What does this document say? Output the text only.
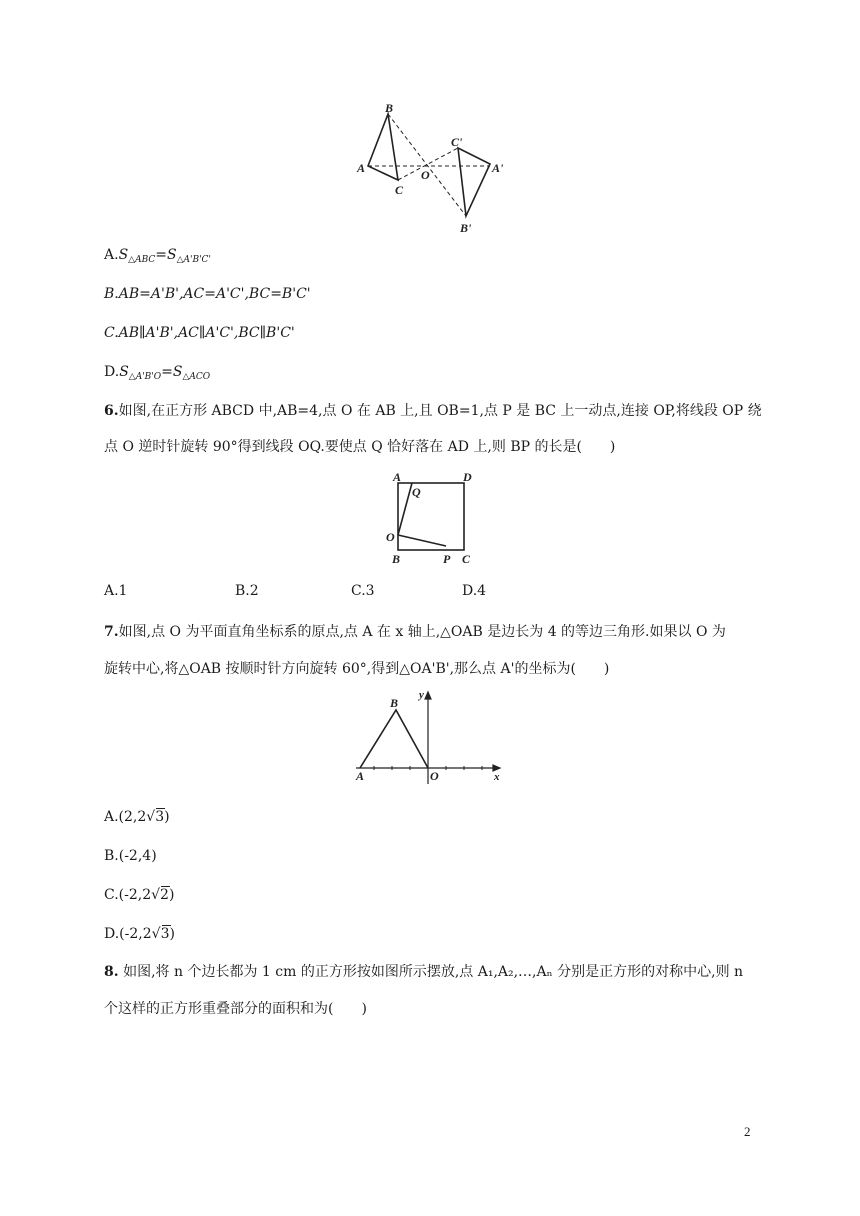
B
A
C
O
C'
A'
B'
$A.S_{\triangle ABC}=S_{\triangle A'B'C'}$
B.AB=A'B',AC=A'C',BC=B'C'
C.AB∥A'B',AC∥A'C',BC∥B'C'
$D.S_{\triangle A'B'O}=S_{\triangle ACO}$
6.如图,在正方形 ABCD 中,AB=4,点 O 在 AB 上,且 OB=1,点 P 是 BC 上一动点,连接 OP,将线段 OP 绕
点 O 逆时针旋转 90°得到线段 OQ.要使点 Q 恰好落在 AD 上,则 BP 的长是(　　)
A	D
Q
O
B	P C
A.1	B.2	C.3	D.4
7.如图,点 O 为平面直角坐标系的原点,点 A 在 x 轴上,△OAB 是边长为 4 的等边三角形.如果以 O 为
旋转中心,将△OAB 按顺时针方向旋转 60°,得到△OA'B',那么点 A'的坐标为(　　)
y
x
B
A	O
A.(2,2√3)
B.(-2,4)
C.(-2,2√2)
D.(-2,2√3)
8. 如图,将 n 个边长都为 1 cm 的正方形按如图所示摆放,点 A₁,A₂,…,Aₙ 分别是正方形的对称中心,则 n
个这样的正方形重叠部分的面积和为(　　)
2
